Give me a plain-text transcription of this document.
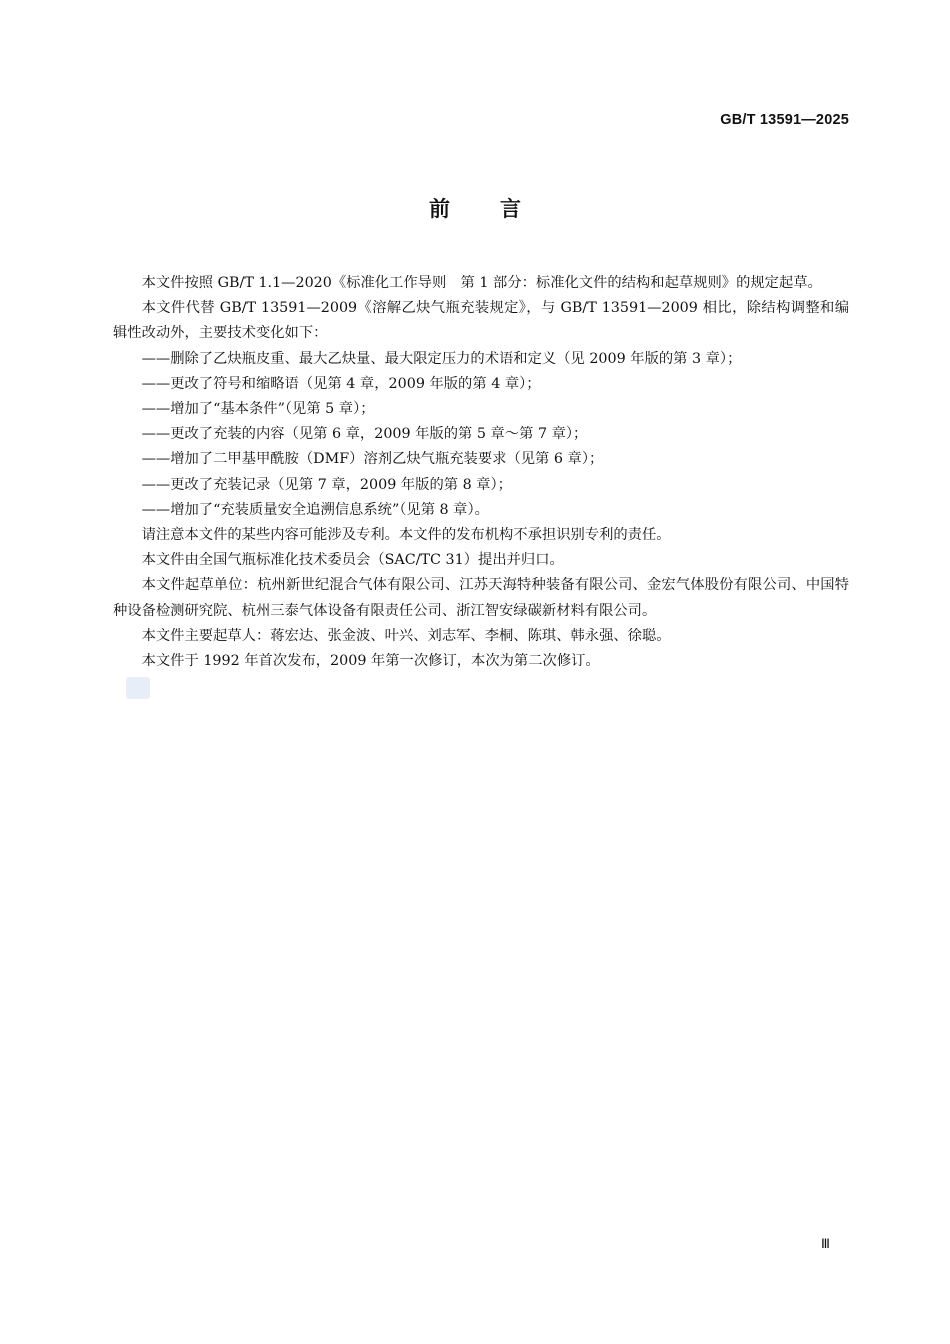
GB/T 13591—2025
前言

本文件按照 GB/T 1.1—2020《标准化工作导则　第 1 部分：标准化文件的结构和起草规则》的规定起草。

本文件代替 GB/T 13591—2009《溶解乙炔气瓶充装规定》，与 GB/T 13591—2009 相比，除结构调整和编辑性改动外，主要技术变化如下：

——删除了乙炔瓶皮重、最大乙炔量、最大限定压力的术语和定义（见 2009 年版的第 3 章）；

——更改了符号和缩略语（见第 4 章，2009 年版的第 4 章）；

——增加了“基本条件”（见第 5 章）；

——更改了充装的内容（见第 6 章，2009 年版的第 5 章～第 7 章）；

——增加了二甲基甲酰胺（DMF）溶剂乙炔气瓶充装要求（见第 6 章）；

——更改了充装记录（见第 7 章，2009 年版的第 8 章）；

——增加了“充装质量安全追溯信息系统”（见第 8 章）。

请注意本文件的某些内容可能涉及专利。本文件的发布机构不承担识别专利的责任。

本文件由全国气瓶标准化技术委员会（SAC/TC 31）提出并归口。

本文件起草单位：杭州新世纪混合气体有限公司、江苏天海特种装备有限公司、金宏气体股份有限公司、中国特种设备检测研究院、杭州三泰气体设备有限责任公司、浙江智安绿碳新材料有限公司。

本文件主要起草人：蒋宏达、张金波、叶兴、刘志军、李桐、陈琪、韩永强、徐聪。

本文件于 1992 年首次发布，2009 年第一次修订，本次为第二次修订。

Ⅲ
